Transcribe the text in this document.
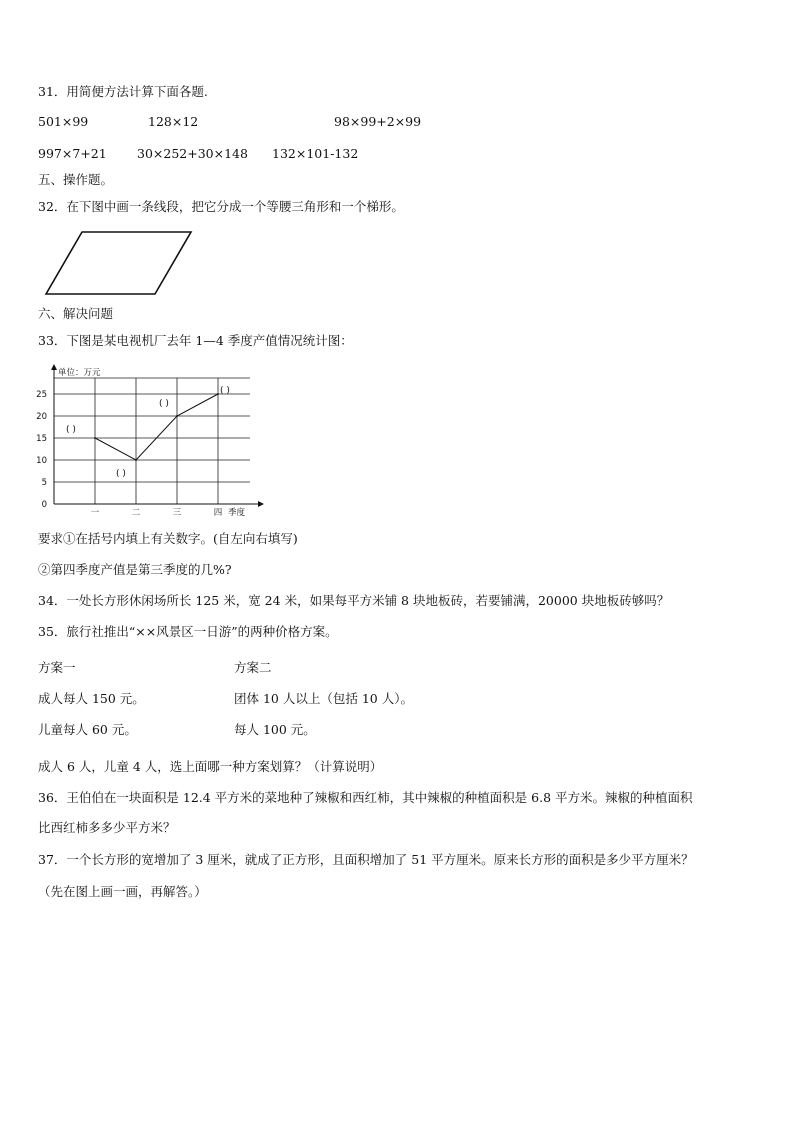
31．用简便方法计算下面各题.
501×99	128×12	98×99+2×99
997×7+21 30×252+30×148 132×101-132
五、操作题。
32．在下图中画一条线段，把它分成一个等腰三角形和一个梯形。
六、解决问题
33．下图是某电视机厂去年 1—4 季度产值情况统计图：
单位：万元
0
5
10
15
20
25
一	二	三	四 季度
( )
( )
( )
( )
要求①在括号内填上有关数字。(自左向右填写)
②第四季度产值是第三季度的几%?
34．一处长方形休闲场所长 125 米，宽 24 米，如果每平方米铺 8 块地板砖，若要铺满，20000 块地板砖够吗？
35．旅行社推出“××风景区一日游”的两种价格方案。
方案一	方案二
成人每人 150 元。	团体 10 人以上（包括 10 人）。
儿童每人 60 元。	每人 100 元。
成人 6 人，儿童 4 人，选上面哪一种方案划算？（计算说明）
36．王伯伯在一块面积是 12.4 平方米的菜地种了辣椒和西红柿，其中辣椒的种植面积是 6.8 平方米。辣椒的种植面积
比西红柿多多少平方米？
37．一个长方形的宽增加了 3 厘米，就成了正方形，且面积增加了 51 平方厘米。原来长方形的面积是多少平方厘米？
（先在图上画一画，再解答。）
